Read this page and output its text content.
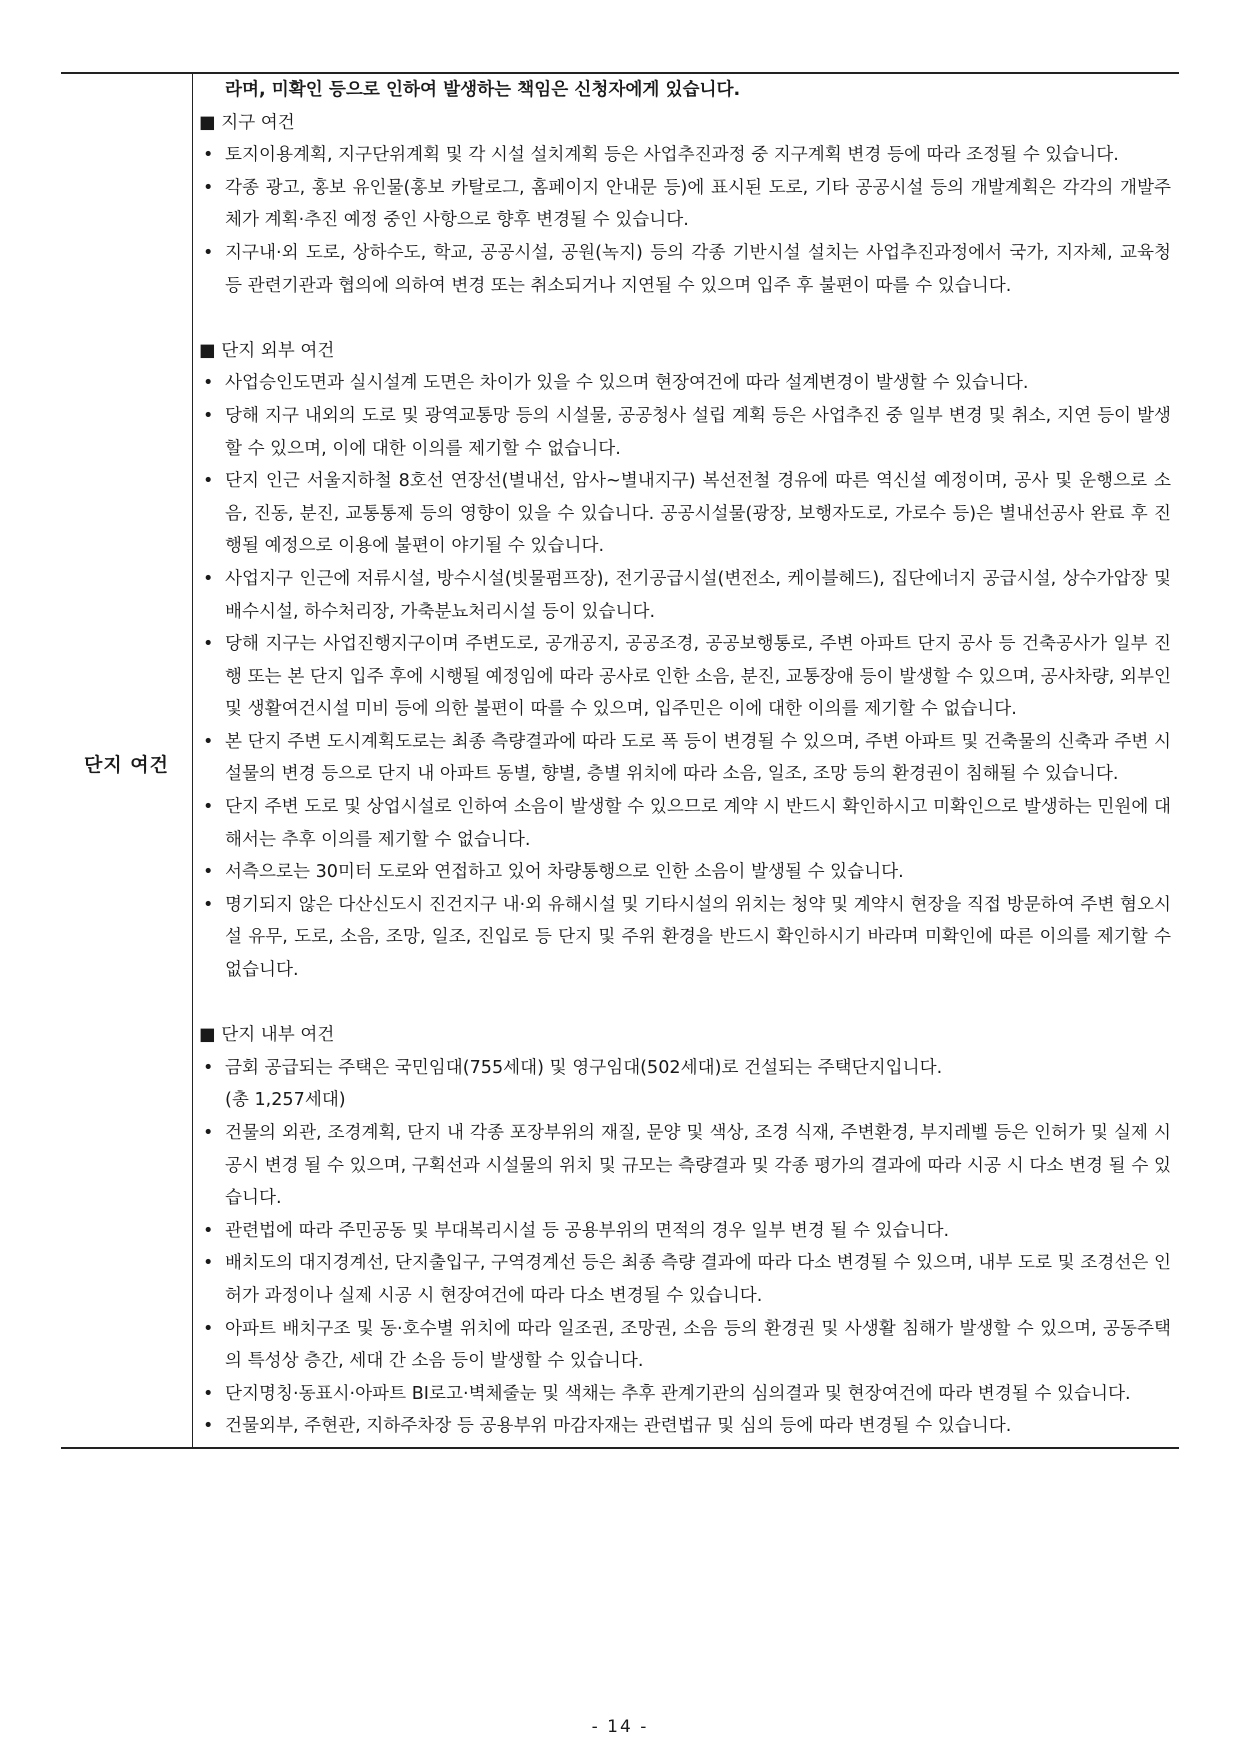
단지 여건
라며, 미확인 등으로 인하여 발생하는 책임은 신청자에게 있습니다.
■ 지구 여건
• 토지이용계획, 지구단위계획 및 각 시설 설치계획 등은 사업추진과정 중 지구계획 변경 등에 따라 조정될 수 있습니다.
• 각종 광고, 홍보 유인물(홍보 카탈로그, 홈페이지 안내문 등)에 표시된 도로, 기타 공공시설 등의 개발계획은 각각의 개발주체가 계획·추진 예정 중인 사항으로 향후 변경될 수 있습니다.
• 지구내·외 도로, 상하수도, 학교, 공공시설, 공원(녹지) 등의 각종 기반시설 설치는 사업추진과정에서 국가, 지자체, 교육청 등 관련기관과 협의에 의하여 변경 또는 취소되거나 지연될 수 있으며 입주 후 불편이 따를 수 있습니다.
■ 단지 외부 여건
• 사업승인도면과 실시설계 도면은 차이가 있을 수 있으며 현장여건에 따라 설계변경이 발생할 수 있습니다.
• 당해 지구 내외의 도로 및 광역교통망 등의 시설물, 공공청사 설립 계획 등은 사업추진 중 일부 변경 및 취소, 지연 등이 발생할 수 있으며, 이에 대한 이의를 제기할 수 없습니다.
• 단지 인근 서울지하철 8호선 연장선(별내선, 암사~별내지구) 복선전철 경유에 따른 역신설 예정이며, 공사 및 운행으로 소음, 진동, 분진, 교통통제 등의 영향이 있을 수 있습니다. 공공시설물(광장, 보행자도로, 가로수 등)은 별내선공사 완료 후 진행될 예정으로 이용에 불편이 야기될 수 있습니다.
• 사업지구 인근에 저류시설, 방수시설(빗물펌프장), 전기공급시설(변전소, 케이블헤드), 집단에너지 공급시설, 상수가압장 및 배수시설, 하수처리장, 가축분뇨처리시설 등이 있습니다.
• 당해 지구는 사업진행지구이며 주변도로, 공개공지, 공공조경, 공공보행통로, 주변 아파트 단지 공사 등 건축공사가 일부 진행 또는 본 단지 입주 후에 시행될 예정임에 따라 공사로 인한 소음, 분진, 교통장애 등이 발생할 수 있으며, 공사차량, 외부인 및 생활여건시설 미비 등에 의한 불편이 따를 수 있으며, 입주민은 이에 대한 이의를 제기할 수 없습니다.
• 본 단지 주변 도시계획도로는 최종 측량결과에 따라 도로 폭 등이 변경될 수 있으며, 주변 아파트 및 건축물의 신축과 주변 시설물의 변경 등으로 단지 내 아파트 동별, 향별, 층별 위치에 따라 소음, 일조, 조망 등의 환경권이 침해될 수 있습니다.
• 단지 주변 도로 및 상업시설로 인하여 소음이 발생할 수 있으므로 계약 시 반드시 확인하시고 미확인으로 발생하는 민원에 대해서는 추후 이의를 제기할 수 없습니다.
• 서측으로는 30미터 도로와 연접하고 있어 차량통행으로 인한 소음이 발생될 수 있습니다.
• 명기되지 않은 다산신도시 진건지구 내·외 유해시설 및 기타시설의 위치는 청약 및 계약시 현장을 직접 방문하여 주변 혐오시설 유무, 도로, 소음, 조망, 일조, 진입로 등 단지 및 주위 환경을 반드시 확인하시기 바라며 미확인에 따른 이의를 제기할 수 없습니다.
■ 단지 내부 여건
• 금회 공급되는 주택은 국민임대(755세대) 및 영구임대(502세대)로 건설되는 주택단지입니다.
(총 1,257세대)
• 건물의 외관, 조경계획, 단지 내 각종 포장부위의 재질, 문양 및 색상, 조경 식재, 주변환경, 부지레벨 등은 인허가 및 실제 시공시 변경 될 수 있으며, 구획선과 시설물의 위치 및 규모는 측량결과 및 각종 평가의 결과에 따라 시공 시 다소 변경 될 수 있습니다.
• 관련법에 따라 주민공동 및 부대복리시설 등 공용부위의 면적의 경우 일부 변경 될 수 있습니다.
• 배치도의 대지경계선, 단지출입구, 구역경계선 등은 최종 측량 결과에 따라 다소 변경될 수 있으며, 내부 도로 및 조경선은 인허가 과정이나 실제 시공 시 현장여건에 따라 다소 변경될 수 있습니다.
• 아파트 배치구조 및 동·호수별 위치에 따라 일조권, 조망권, 소음 등의 환경권 및 사생활 침해가 발생할 수 있으며, 공동주택의 특성상 층간, 세대 간 소음 등이 발생할 수 있습니다.
• 단지명칭·동표시·아파트 BI로고·벽체줄눈 및 색채는 추후 관계기관의 심의결과 및 현장여건에 따라 변경될 수 있습니다.
• 건물외부, 주현관, 지하주차장 등 공용부위 마감자재는 관련법규 및 심의 등에 따라 변경될 수 있습니다.
- 14 -
